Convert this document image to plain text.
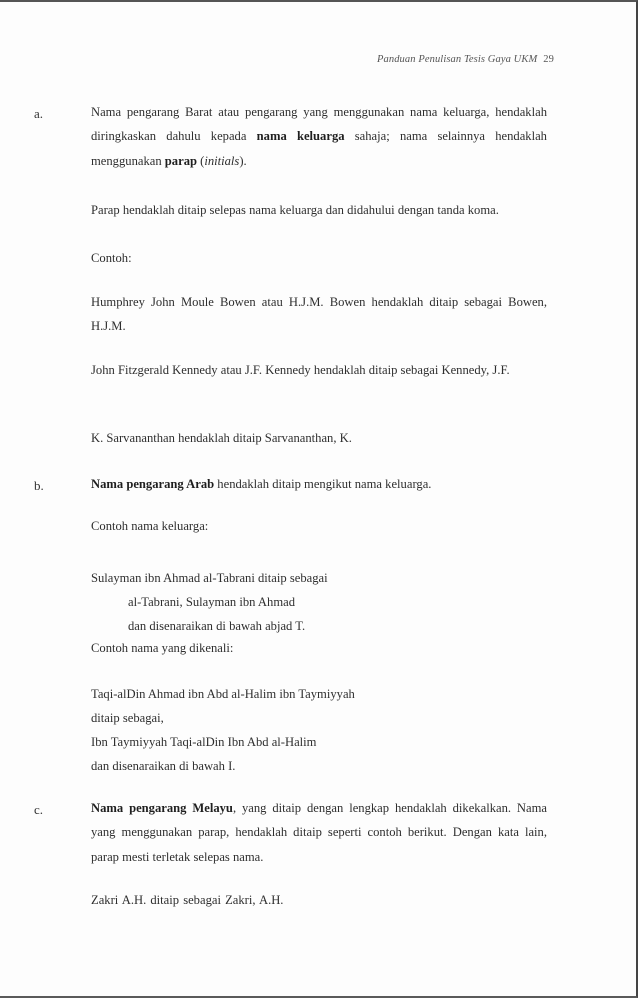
Panduan Penulisan Tesis Gaya UKM 29
a.	Nama pengarang Barat atau pengarang yang menggunakan nama keluarga, hendaklah diringkaskan dahulu kepada nama keluarga sahaja; nama selainnya hendaklah menggunakan parap (initials).
Parap hendaklah ditaip selepas nama keluarga dan didahului dengan tanda koma.
Contoh:
Humphrey John Moule Bowen atau H.J.M. Bowen hendaklah ditaip sebagai Bowen, H.J.M.
John Fitzgerald Kennedy atau J.F. Kennedy hendaklah ditaip sebagai Kennedy, J.F.
K. Sarvananthan hendaklah ditaip Sarvananthan, K.
b.	Nama pengarang Arab hendaklah ditaip mengikut nama keluarga.
Contoh nama keluarga:
Sulayman ibn Ahmad al-Tabrani ditaip sebagai
al-Tabrani, Sulayman ibn Ahmad
dan disenaraikan di bawah abjad T.
Contoh nama yang dikenali:
Taqi-alDin Ahmad ibn Abd al-Halim ibn Taymiyyah
ditaip sebagai,
Ibn Taymiyyah Taqi-alDin Ibn Abd al-Halim
dan disenaraikan di bawah I.
c.	Nama pengarang Melayu, yang ditaip dengan lengkap hendaklah dikekalkan. Nama yang menggunakan parap, hendaklah ditaip seperti contoh berikut. Dengan kata lain, parap mesti terletak selepas nama.
Zakri A.H. ditaip sebagai Zakri, A.H.
